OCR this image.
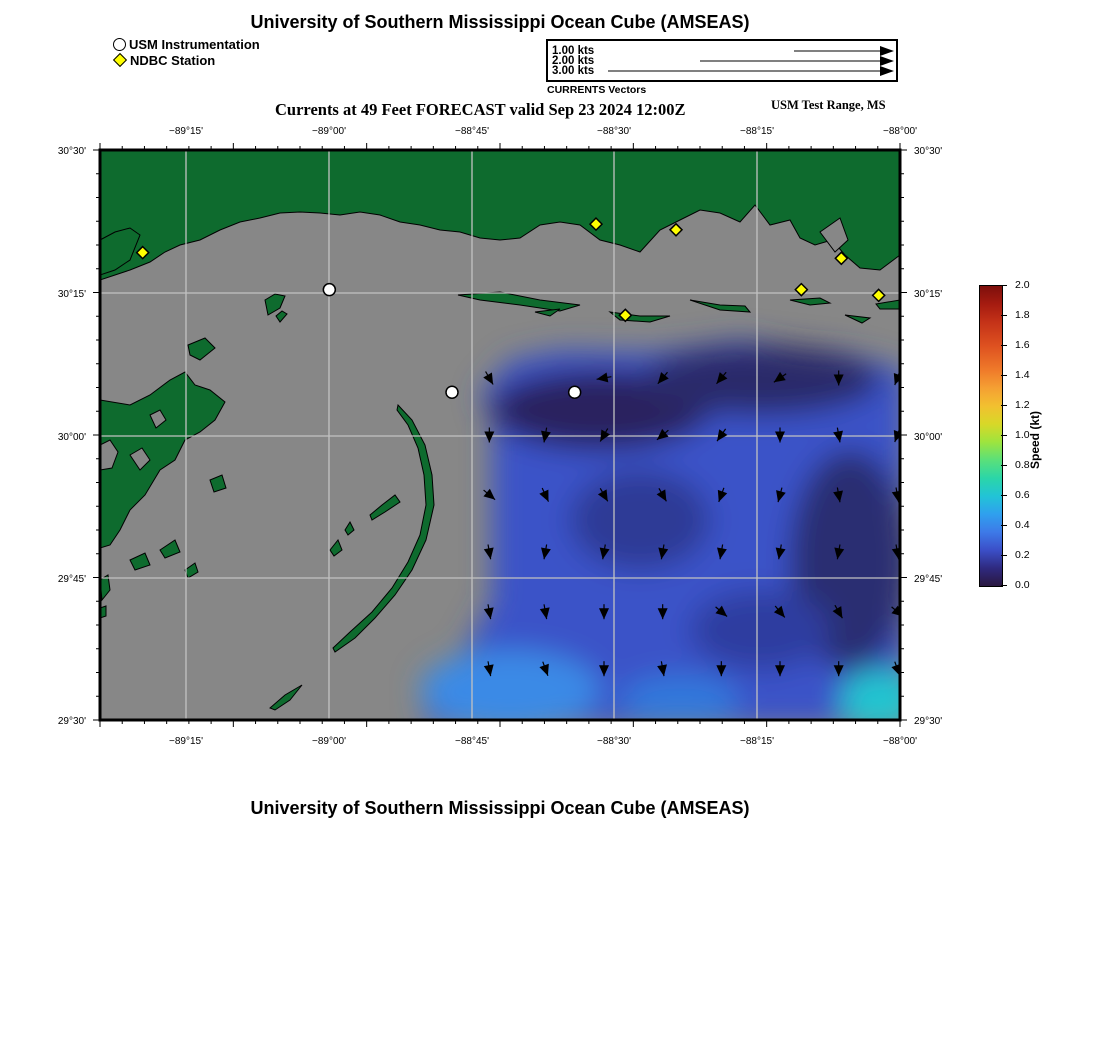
University of Southern Mississippi Ocean Cube (AMSEAS)
USM Instrumentation
NDBC Station
1.00 kts
2.00 kts
3.00 kts
CURRENTS Vectors
Currents at 49 Feet FORECAST valid Sep 23 2024 12:00Z	USM Test Range, MS
−89°15'	−89°00'	−88°45'	−88°30'	−88°15'	−88°00'
−89°15'	−89°00'	−88°45'	−88°30'	−88°15'	−88°00'
30°30'
30°15'
30°00'
29°45'
29°30'
30°30'
30°15'
30°00'
29°45'
29°30'
2.0
1.8
1.6
1.4
1.2
1.0
0.8
0.6
0.4
0.2
0.0
Speed (kt)
University of Southern Mississippi Ocean Cube (AMSEAS)
